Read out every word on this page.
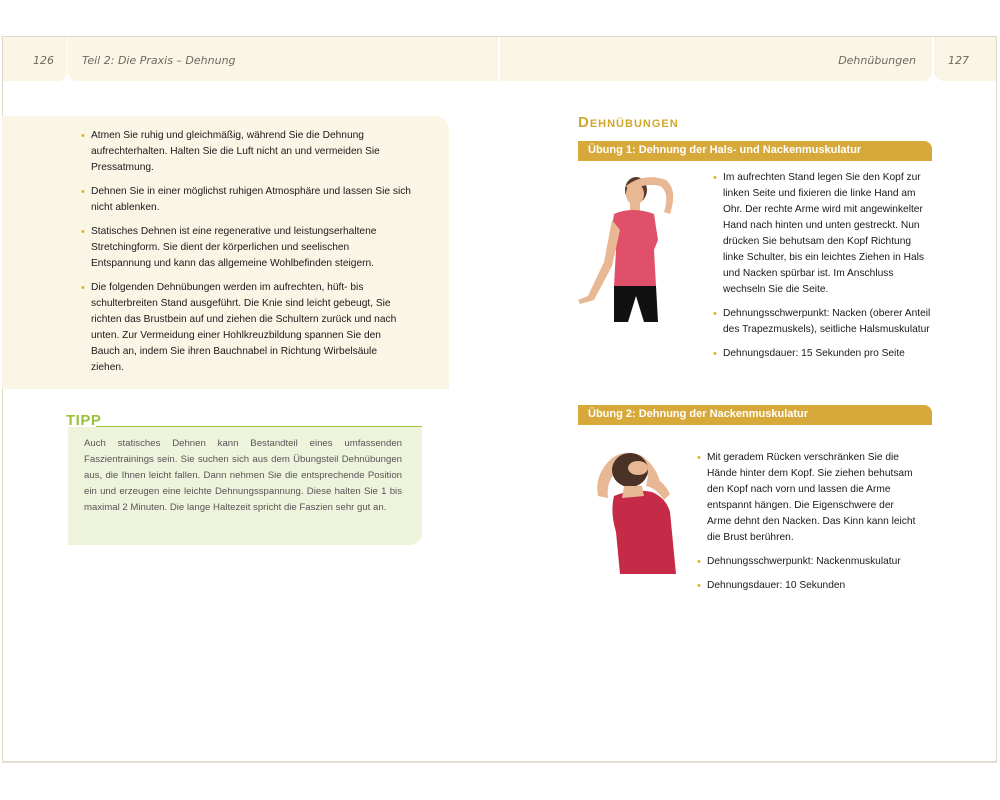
126	Teil 2: Die Praxis – Dehnung	Dehnübungen	127
• Atmen Sie ruhig und gleichmäßig, während Sie die Dehnung aufrechterhalten. Halten Sie die Luft nicht an und vermeiden Sie Pressatmung.
• Dehnen Sie in einer möglichst ruhigen Atmosphäre und lassen Sie sich nicht ablenken.
• Statisches Dehnen ist eine regenerative und leistungserhaltene Stretchingform. Sie dient der körperlichen und seelischen Entspannung und kann das allgemeine Wohlbefinden steigern.
• Die folgenden Dehnübungen werden im aufrechten, hüft- bis schulterbreiten Stand ausgeführt. Die Knie sind leicht gebeugt, Sie richten das Brustbein auf und ziehen die Schultern zurück und nach unten. Zur Vermeidung einer Hohlkreuzbildung spannen Sie den Bauch an, indem Sie ihren Bauchnabel in Richtung Wirbelsäule ziehen.
TIPP
Auch statisches Dehnen kann Bestandteil eines umfassenden Faszientrainings sein. Sie suchen sich aus dem Übungsteil Dehnübungen aus, die Ihnen leicht fallen. Dann nehmen Sie die entsprechende Position ein und erzeugen eine leichte Dehnungsspannung. Diese halten Sie 1 bis maximal 2 Minuten. Die lange Haltezeit spricht die Faszien sehr gut an.
Dehnübungen
Übung 1: Dehnung der Hals- und Nackenmuskulatur
• Im aufrechten Stand legen Sie den Kopf zur linken Seite und fixieren die linke Hand am Ohr. Der rechte Arme wird mit angewinkelter Hand nach hinten und unten gestreckt. Nun drücken Sie behutsam den Kopf Richtung linke Schulter, bis ein leichtes Ziehen in Hals und Nacken spürbar ist. Im Anschluss wechseln Sie die Seite.
• Dehnungsschwerpunkt: Nacken (oberer Anteil des Trapezmuskels), seitliche Halsmuskulatur
• Dehnungsdauer: 15 Sekunden pro Seite
Übung 2: Dehnung der Nackenmuskulatur
• Mit geradem Rücken verschränken Sie die Hände hinter dem Kopf. Sie ziehen behutsam den Kopf nach vorn und lassen die Arme entspannt hängen. Die Eigenschwere der Arme dehnt den Nacken. Das Kinn kann leicht die Brust berühren.
• Dehnungsschwerpunkt: Nackenmuskulatur
• Dehnungsdauer: 10 Sekunden
